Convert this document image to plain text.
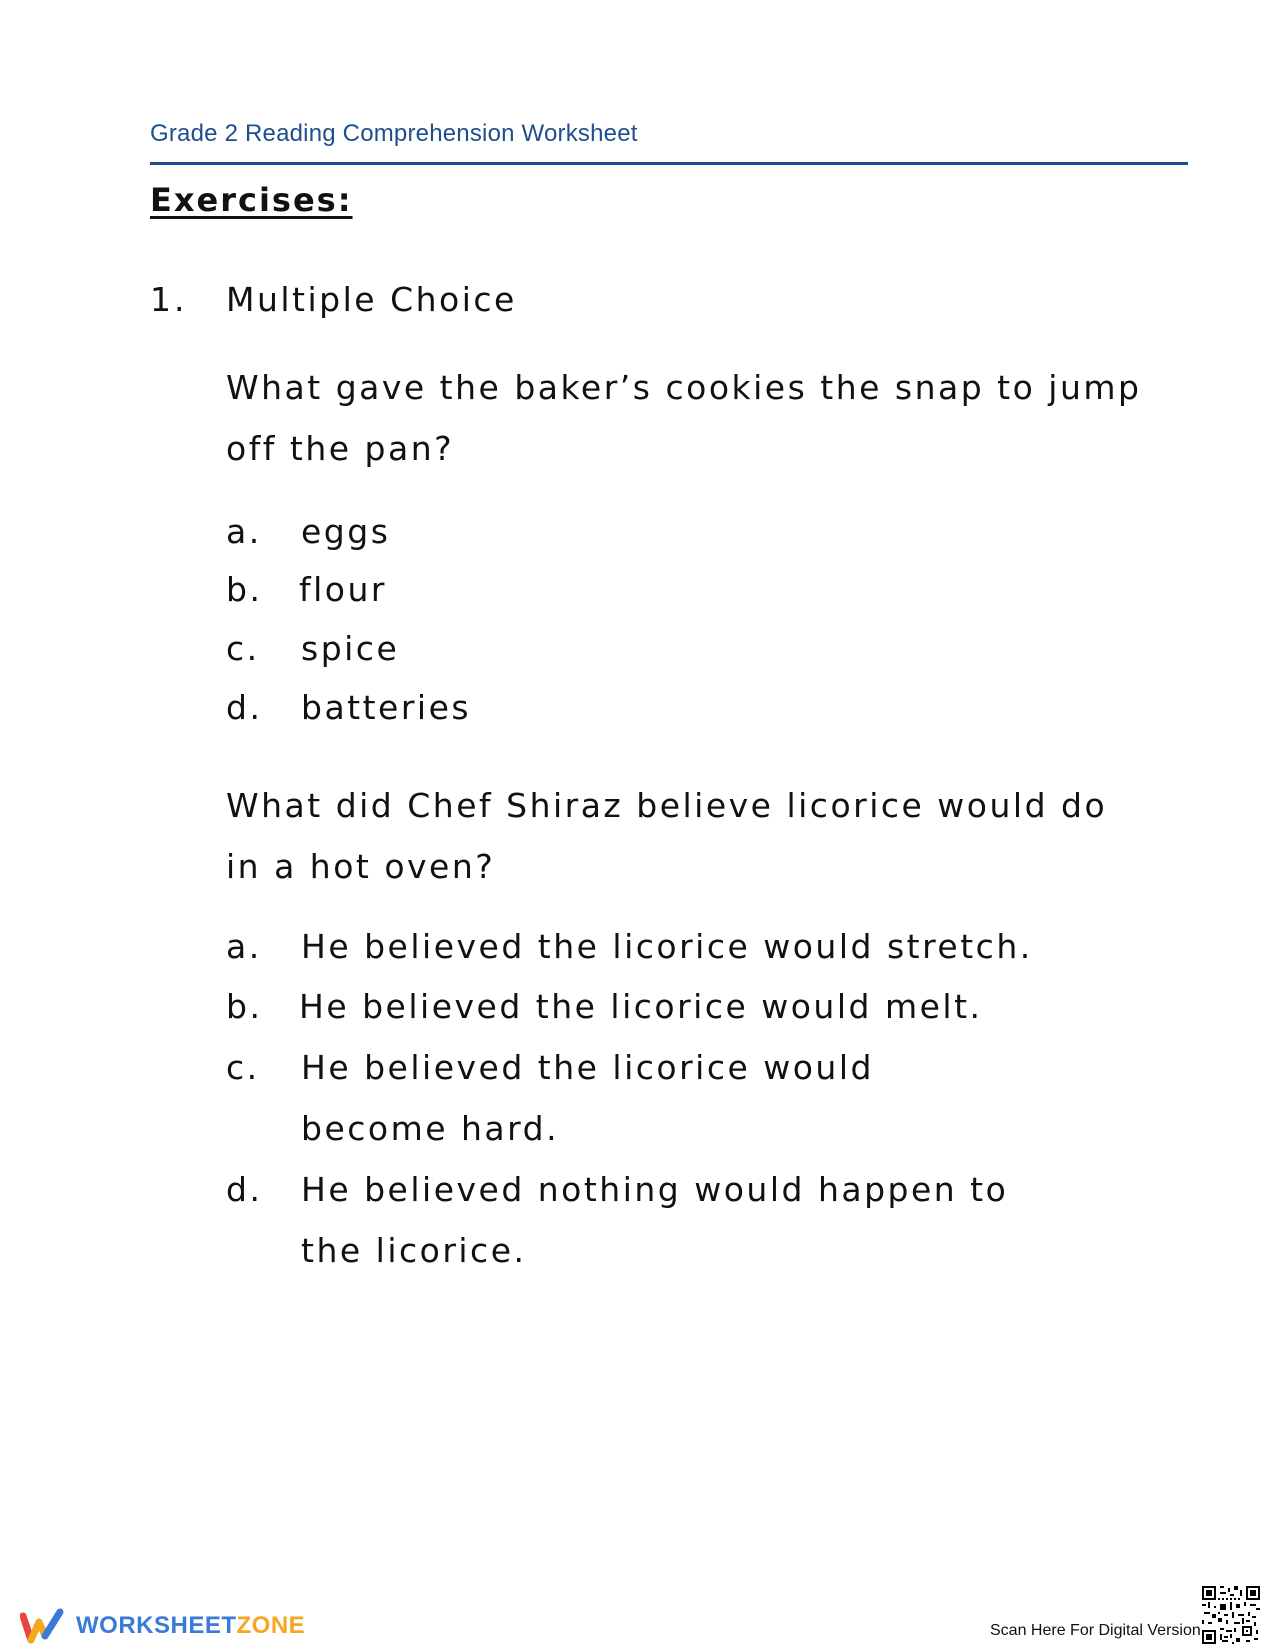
Grade 2 Reading Comprehension Worksheet
Exercises:
1. Multiple Choice
What gave the baker’s cookies the snap to jump off the pan?
a. eggs
b. flour
c. spice
d. batteries
What did Chef Shiraz believe licorice would do in a hot oven?
a. He believed the licorice would stretch.
b. He believed the licorice would melt.
c. He believed the licorice would become hard.
d. He believed nothing would happen to the licorice.
WORKSHEETZONE	Scan Here For Digital Version
